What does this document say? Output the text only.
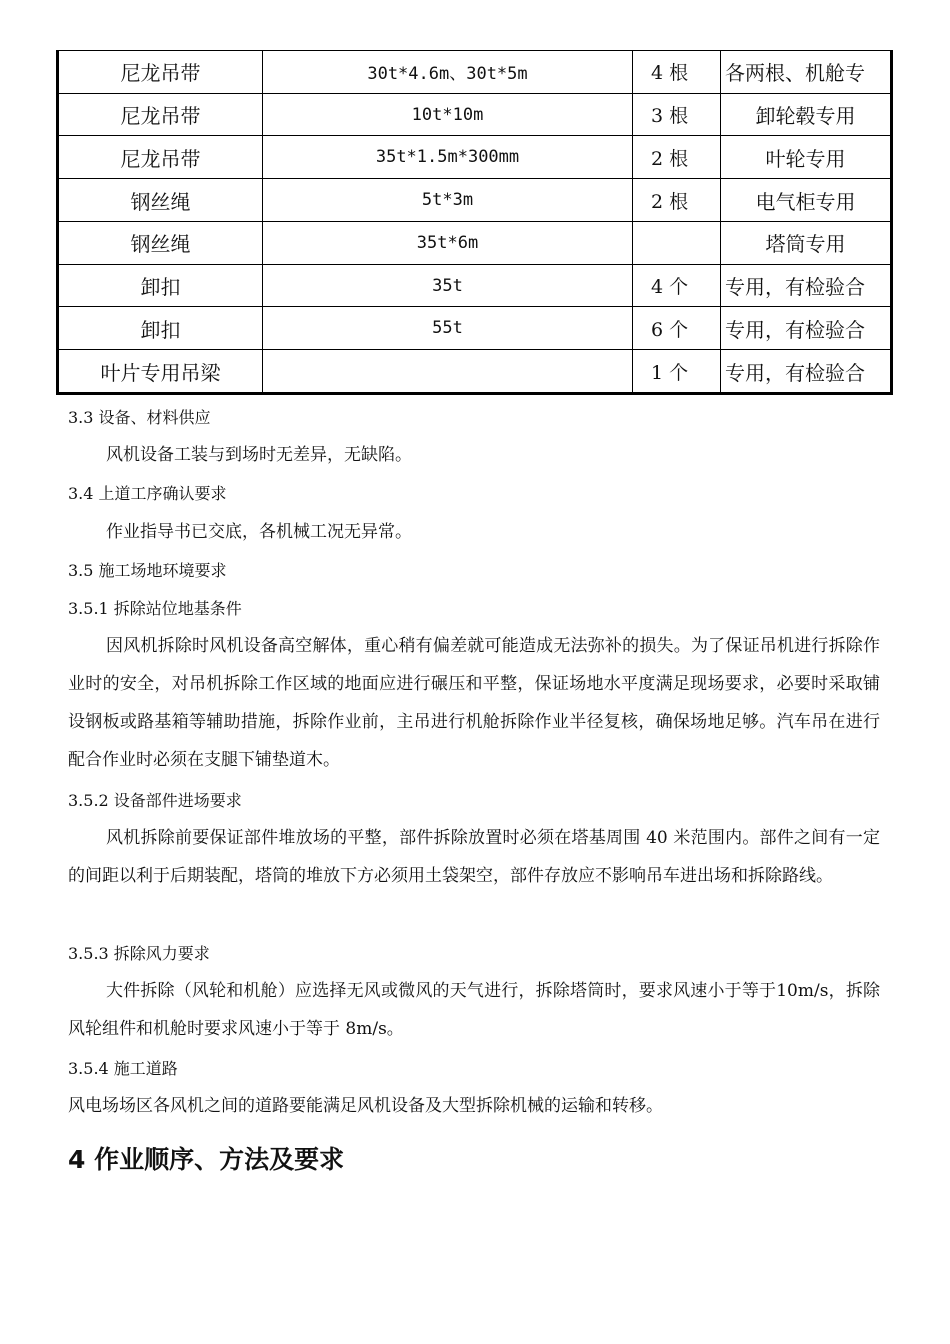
尼龙吊带	30t*4.6m、30t*5m	4 根	各两根、机舱专
尼龙吊带	10t*10m	3 根	卸轮毂专用
尼龙吊带	35t*1.5m*300mm	2 根	叶轮专用
钢丝绳	5t*3m	2 根	电气柜专用
钢丝绳	35t*6m		塔筒专用
卸扣	35t	4 个	专用，有检验合
卸扣	55t	6 个	专用，有检验合
叶片专用吊梁		1 个	专用，有检验合
3.3 设备、材料供应

风机设备工装与到场时无差异，无缺陷。

3.4 上道工序确认要求

作业指导书已交底，各机械工况无异常。

3.5 施工场地环境要求
3.5.1 拆除站位地基条件

因风机拆除时风机设备高空解体，重心稍有偏差就可能造成无法弥补的损失。为了保证吊机进行拆除作业时的安全，对吊机拆除工作区域的地面应进行碾压和平整，保证场地水平度满足现场要求，必要时采取铺设钢板或路基箱等辅助措施，拆除作业前，主吊进行机舱拆除作业半径复核，确保场地足够。汽车吊在进行配合作业时必须在支腿下铺垫道木。

3.5.2 设备部件进场要求

风机拆除前要保证部件堆放场的平整，部件拆除放置时必须在塔基周围 40 米范围内。部件之间有一定的间距以利于后期装配，塔筒的堆放下方必须用土袋架空，部件存放应不影响吊车进出场和拆除路线。

3.5.3 拆除风力要求

大件拆除（风轮和机舱）应选择无风或微风的天气进行，拆除塔筒时，要求风速小于等于10m/s，拆除风轮组件和机舱时要求风速小于等于 8m/s。

3.5.4 施工道路

风电场场区各风机之间的道路要能满足风机设备及大型拆除机械的运输和转移。

4 作业顺序、方法及要求
